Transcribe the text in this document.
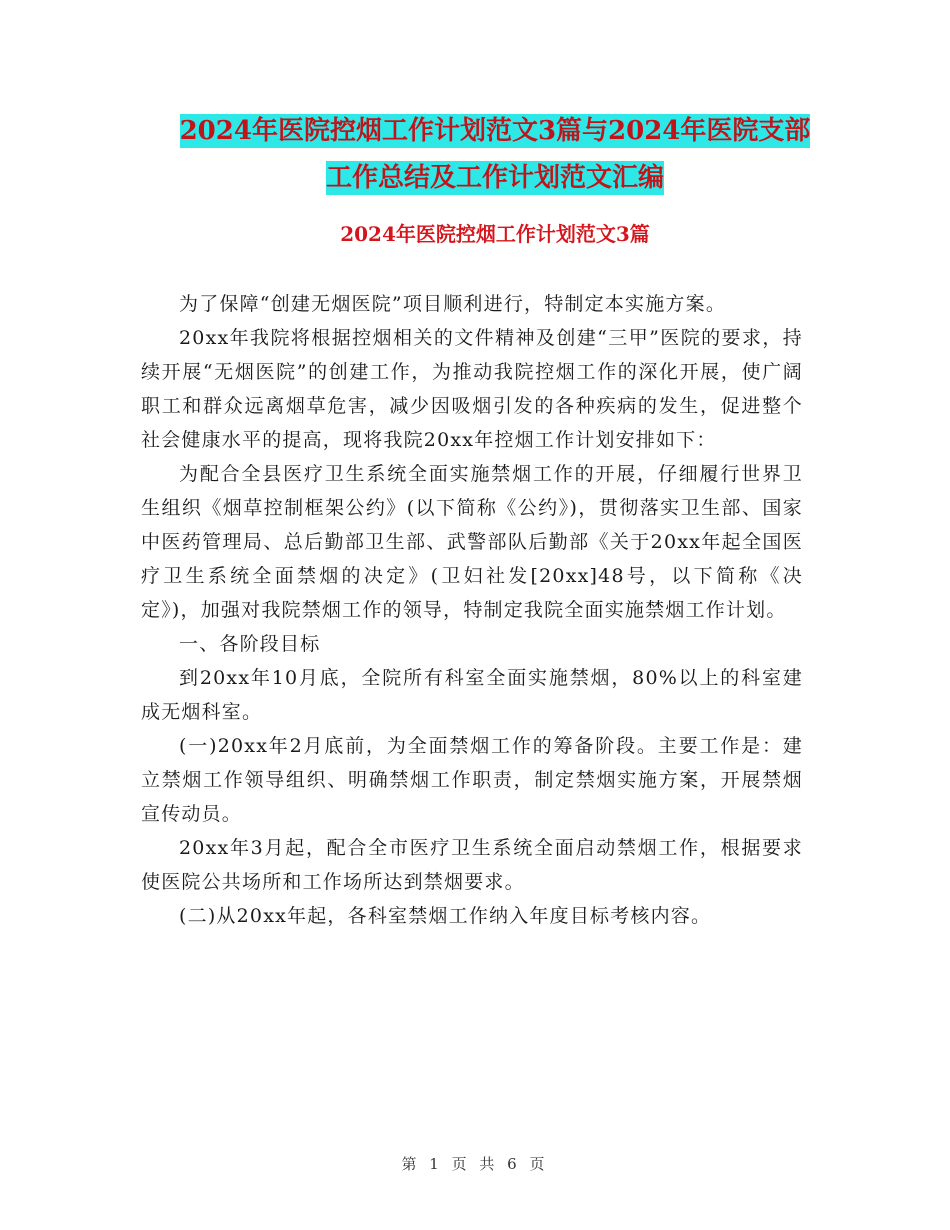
2024年医院控烟工作计划范文3篇与2024年医院支部
工作总结及工作计划范文汇编
2024年医院控烟工作计划范文3篇

为了保障“创建无烟医院”项目顺利进行，特制定本实施方案。

20xx年我院将根据控烟相关的文件精神及创建“三甲”医院的要求，持续开展“无烟医院”的创建工作，为推动我院控烟工作的深化开展，使广阔职工和群众远离烟草危害，减少因吸烟引发的各种疾病的发生，促进整个社会健康水平的提高，现将我院20xx年控烟工作计划安排如下：

为配合全县医疗卫生系统全面实施禁烟工作的开展，仔细履行世界卫生组织《烟草控制框架公约》(以下简称《公约》)，贯彻落实卫生部、国家中医药管理局、总后勤部卫生部、武警部队后勤部《关于20xx年起全国医疗卫生系统全面禁烟的决定》(卫妇社发[20xx]48号，以下简称《决定》)，加强对我院禁烟工作的领导，特制定我院全面实施禁烟工作计划。

一、各阶段目标

到20xx年10月底，全院所有科室全面实施禁烟，80%以上的科室建成无烟科室。

(一)20xx年2月底前，为全面禁烟工作的筹备阶段。主要工作是：建立禁烟工作领导组织、明确禁烟工作职责，制定禁烟实施方案，开展禁烟宣传动员。

20xx年3月起，配合全市医疗卫生系统全面启动禁烟工作，根据要求使医院公共场所和工作场所达到禁烟要求。

(二)从20xx年起，各科室禁烟工作纳入年度目标考核内容。

第 1 页 共 6 页
